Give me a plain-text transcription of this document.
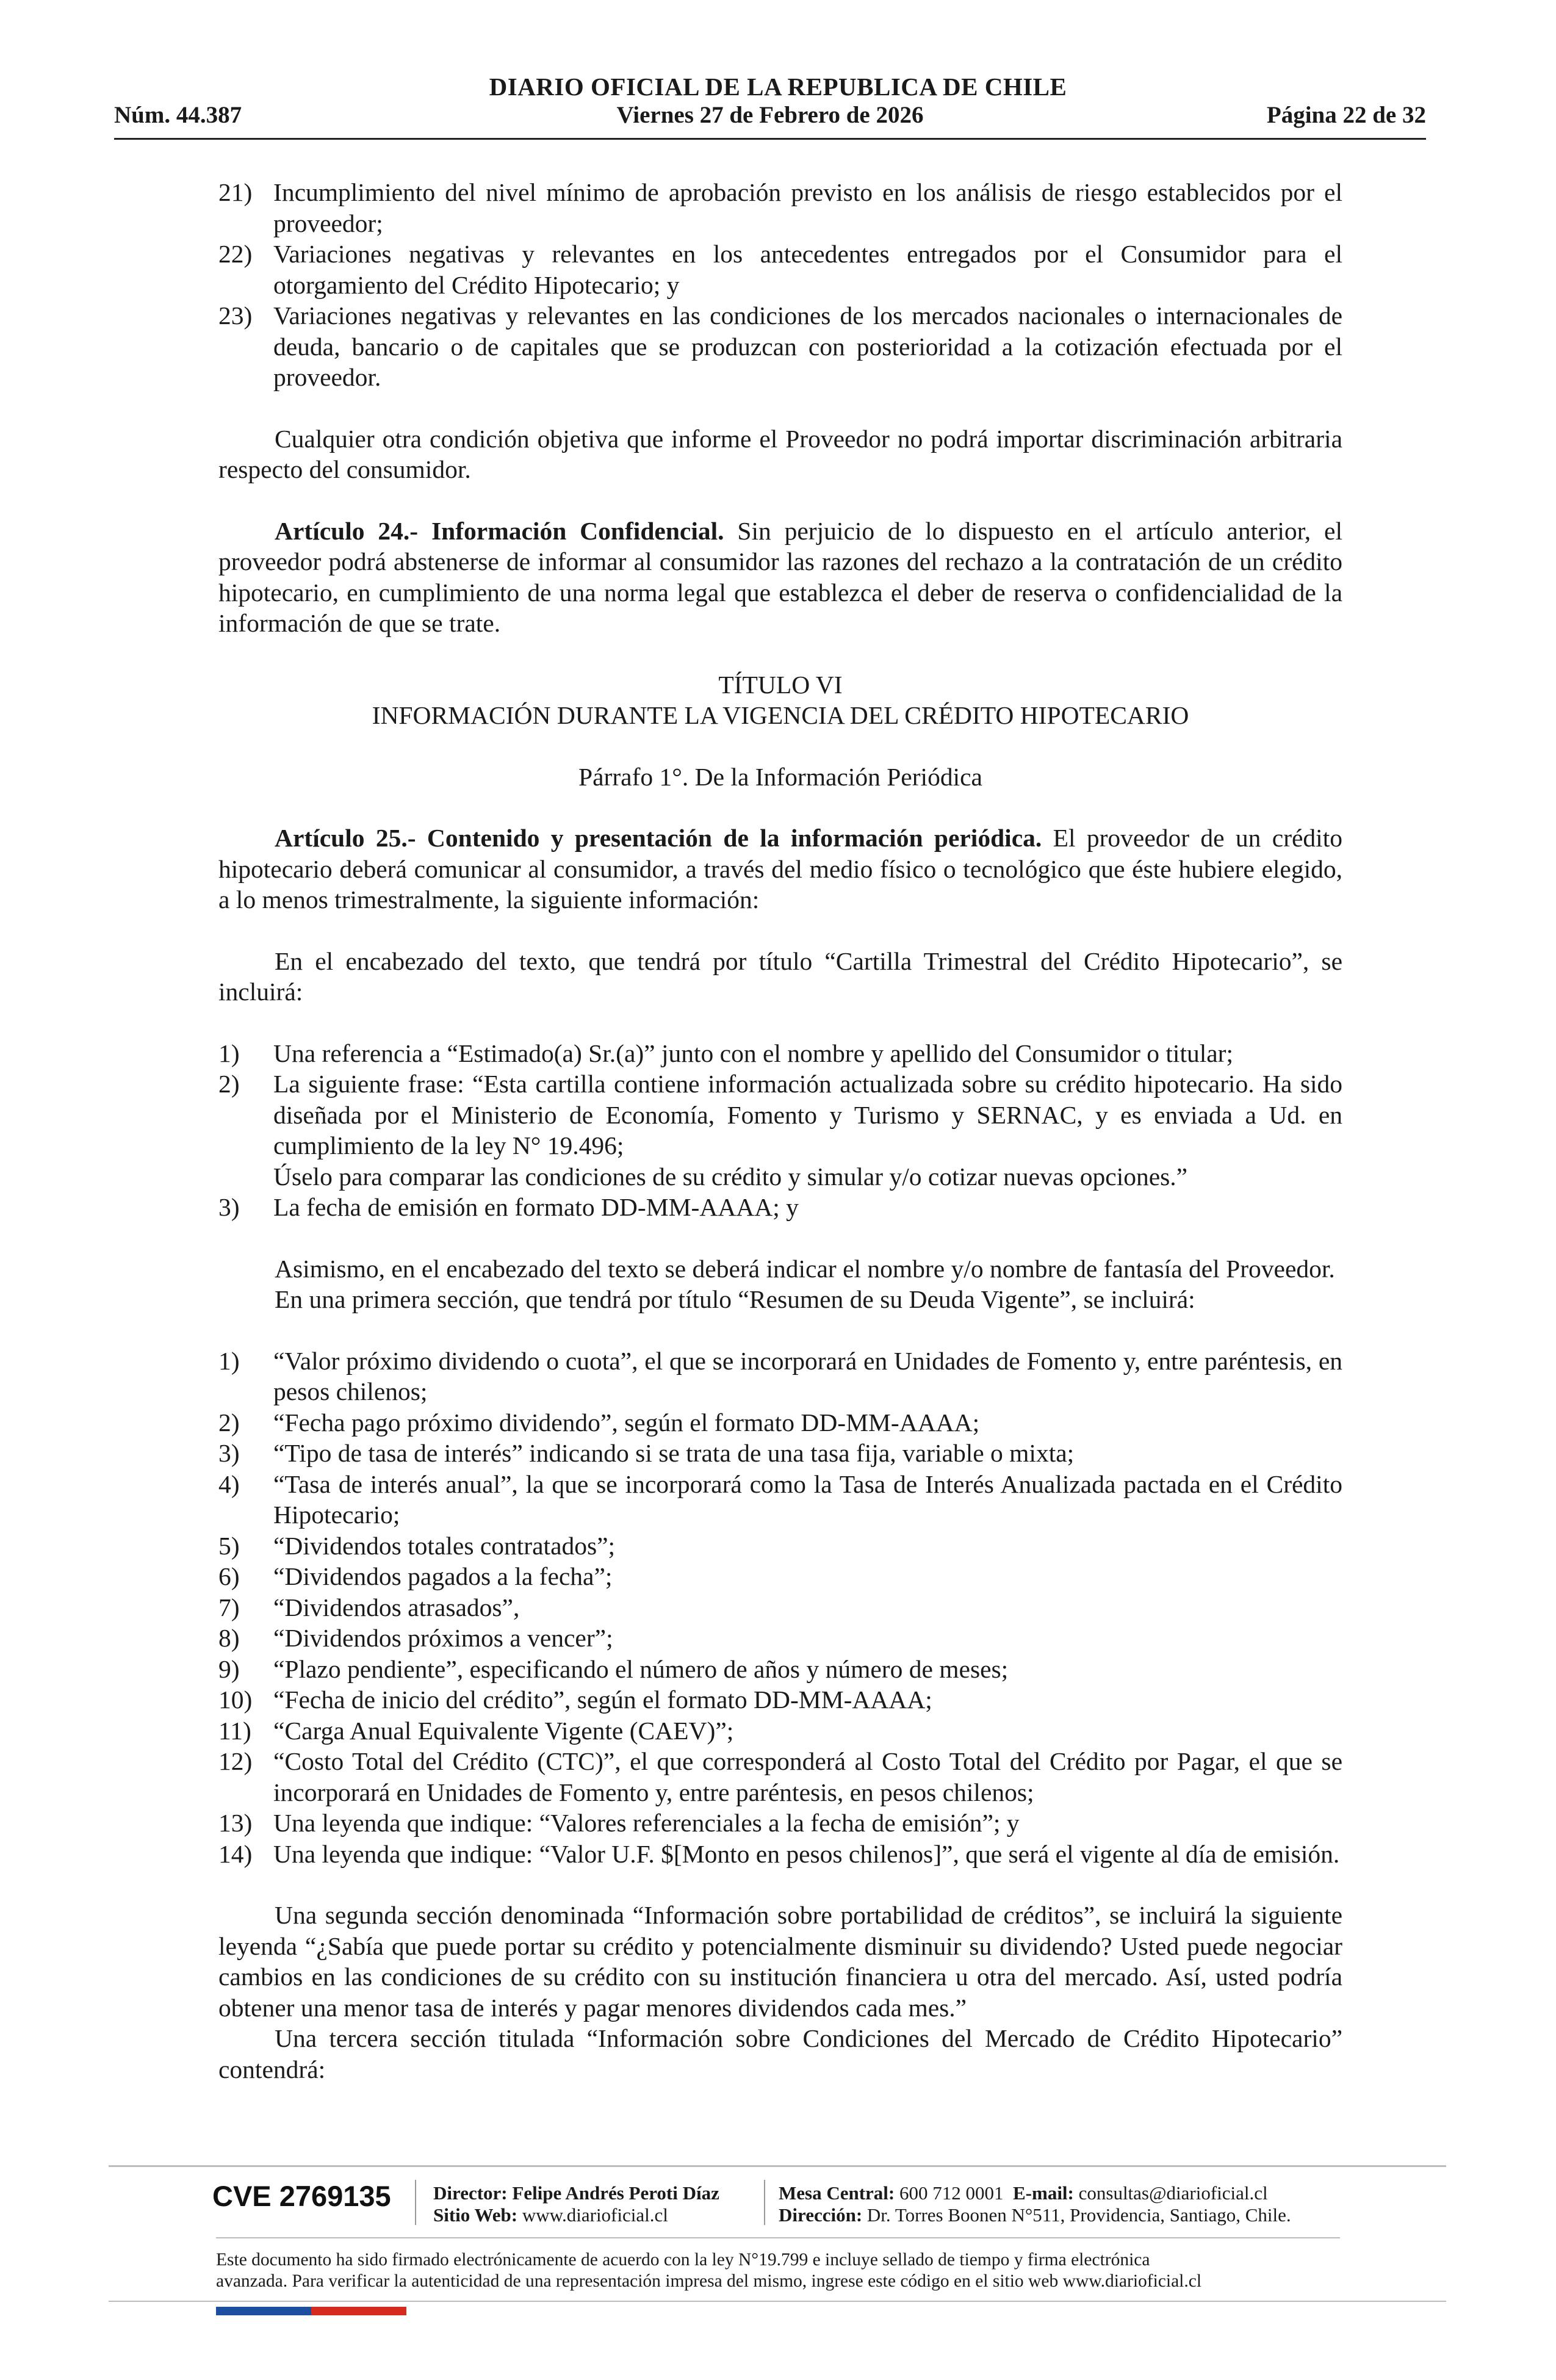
DIARIO OFICIAL DE LA REPUBLICA DE CHILE
Viernes 27 de Febrero de 2026
Núm. 44.387	Página 22 de 32
21) Incumplimiento del nivel mínimo de aprobación previsto en los análisis de riesgo establecidos por el proveedor;
22) Variaciones negativas y relevantes en los antecedentes entregados por el Consumidor para el otorgamiento del Crédito Hipotecario; y
23) Variaciones negativas y relevantes en las condiciones de los mercados nacionales o internacionales de deuda, bancario o de capitales que se produzcan con posterioridad a la cotización efectuada por el proveedor.

Cualquier otra condición objetiva que informe el Proveedor no podrá importar discriminación arbitraria respecto del consumidor.

Artículo 24.- Información Confidencial. Sin perjuicio de lo dispuesto en el artículo anterior, el proveedor podrá abstenerse de informar al consumidor las razones del rechazo a la contratación de un crédito hipotecario, en cumplimiento de una norma legal que establezca el deber de reserva o confidencialidad de la información de que se trate.

TÍTULO VI

INFORMACIÓN DURANTE LA VIGENCIA DEL CRÉDITO HIPOTECARIO

Párrafo 1°. De la Información Periódica

Artículo 25.- Contenido y presentación de la información periódica. El proveedor de un crédito hipotecario deberá comunicar al consumidor, a través del medio físico o tecnológico que éste hubiere elegido, a lo menos trimestralmente, la siguiente información:

En el encabezado del texto, que tendrá por título “Cartilla Trimestral del Crédito Hipotecario”, se incluirá:

1)	Una referencia a “Estimado(a) Sr.(a)” junto con el nombre y apellido del Consumidor o titular;
2)	La siguiente frase: “Esta cartilla contiene información actualizada sobre su crédito hipotecario. Ha sido diseñada por el Ministerio de Economía, Fomento y Turismo y SERNAC, y es enviada a Ud. en cumplimiento de la ley N° 19.496;
Úselo para comparar las condiciones de su crédito y simular y/o cotizar nuevas opciones.”
3)	La fecha de emisión en formato DD-MM-AAAA; y

Asimismo, en el encabezado del texto se deberá indicar el nombre y/o nombre de fantasía del Proveedor.

En una primera sección, que tendrá por título “Resumen de su Deuda Vigente”, se incluirá:

1)	“Valor próximo dividendo o cuota”, el que se incorporará en Unidades de Fomento y, entre paréntesis, en pesos chilenos;
2)	“Fecha pago próximo dividendo”, según el formato DD-MM-AAAA;
3)	“Tipo de tasa de interés” indicando si se trata de una tasa fija, variable o mixta;
4)	“Tasa de interés anual”, la que se incorporará como la Tasa de Interés Anualizada pactada en el Crédito Hipotecario;
5)	“Dividendos totales contratados”;
6)	“Dividendos pagados a la fecha”;
7)	“Dividendos atrasados”,
8)	“Dividendos próximos a vencer”;
9)	“Plazo pendiente”, especificando el número de años y número de meses;
10) “Fecha de inicio del crédito”, según el formato DD-MM-AAAA;
11) “Carga Anual Equivalente Vigente (CAEV)”;
12) “Costo Total del Crédito (CTC)”, el que corresponderá al Costo Total del Crédito por Pagar, el que se incorporará en Unidades de Fomento y, entre paréntesis, en pesos chilenos;
13) Una leyenda que indique: “Valores referenciales a la fecha de emisión”; y
14) Una leyenda que indique: “Valor U.F. $[Monto en pesos chilenos]”, que será el vigente al día de emisión.

Una segunda sección denominada “Información sobre portabilidad de créditos”, se incluirá la siguiente leyenda “¿Sabía que puede portar su crédito y potencialmente disminuir su dividendo? Usted puede negociar cambios en las condiciones de su crédito con su institución financiera u otra del mercado. Así, usted podría obtener una menor tasa de interés y pagar menores dividendos cada mes.”

Una tercera sección titulada “Información sobre Condiciones del Mercado de Crédito Hipotecario” contendrá:

CVE 2769135 Director: Felipe Andrés Peroti Díaz
Sitio Web: www.diarioficial.cl
Mesa Central: 600 712 0001 E-mail: consultas@diarioficial.cl
Dirección: Dr. Torres Boonen N°511, Providencia, Santiago, Chile.
Este documento ha sido firmado electrónicamente de acuerdo con la ley N°19.799 e incluye sellado de tiempo y firma electrónica
avanzada. Para verificar la autenticidad de una representación impresa del mismo, ingrese este código en el sitio web www.diarioficial.cl
